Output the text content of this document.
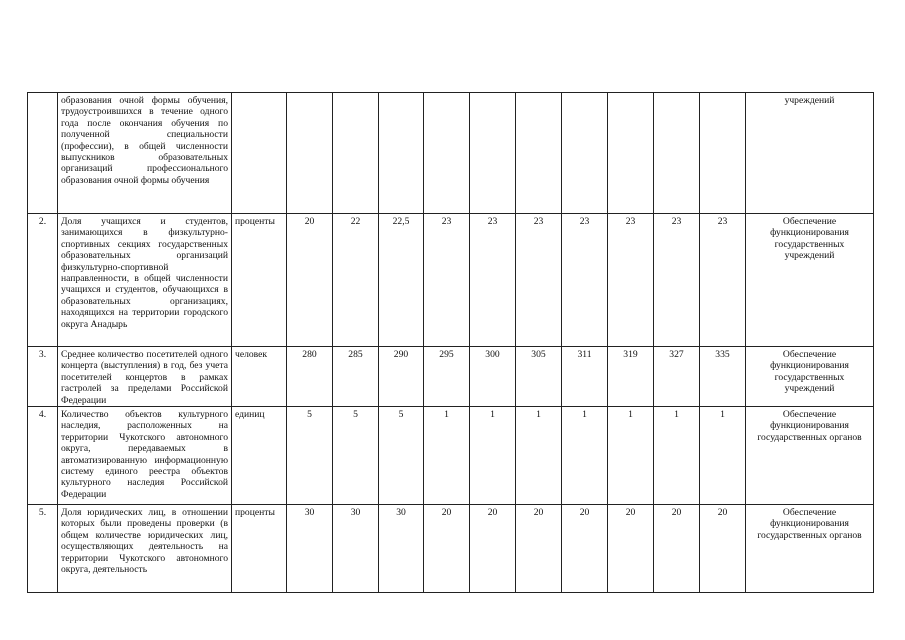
	образования очной формы обучения, трудоустроившихся в течение одного года после окончания обучения по полученной специальности (профессии), в общей численности выпускников образовательных организаций профессионального образования очной формы обучения												учреждений
2.	Доля учащихся и студентов, занимающихся в физкультурно-спортивных секциях государственных образовательных организаций физкультурно-спортивной направленности, в общей численности учащихся и студентов, обучающихся в образовательных организациях, находящихся на территории городского округа Анадырь	проценты	20	22	22,5	23	23	23	23	23	23	23	Обеспечение функционирования государственных учреждений
3.	Среднее количество посетителей одного концерта (выступления) в год, без учета посетителей концертов в рамках гастролей за пределами Российской Федерации	человек	280	285	290	295	300	305	311	319	327	335	Обеспечение функционирования государственных учреждений
4.	Количество объектов культурного наследия, расположенных на территории Чукотского автономного округа, передаваемых в автоматизированную информационную систему единого реестра объектов культурного наследия Российской Федерации	единиц	5	5	5	1	1	1	1	1	1	1	Обеспечение функционирования государственных органов
5.	Доля юридических лиц, в отношении которых были проведены проверки (в общем количестве юридических лиц, осуществляющих деятельность на территории Чукотского автономного округа, деятельность	проценты	30	30	30	20	20	20	20	20	20	20	Обеспечение функционирования государственных органов
